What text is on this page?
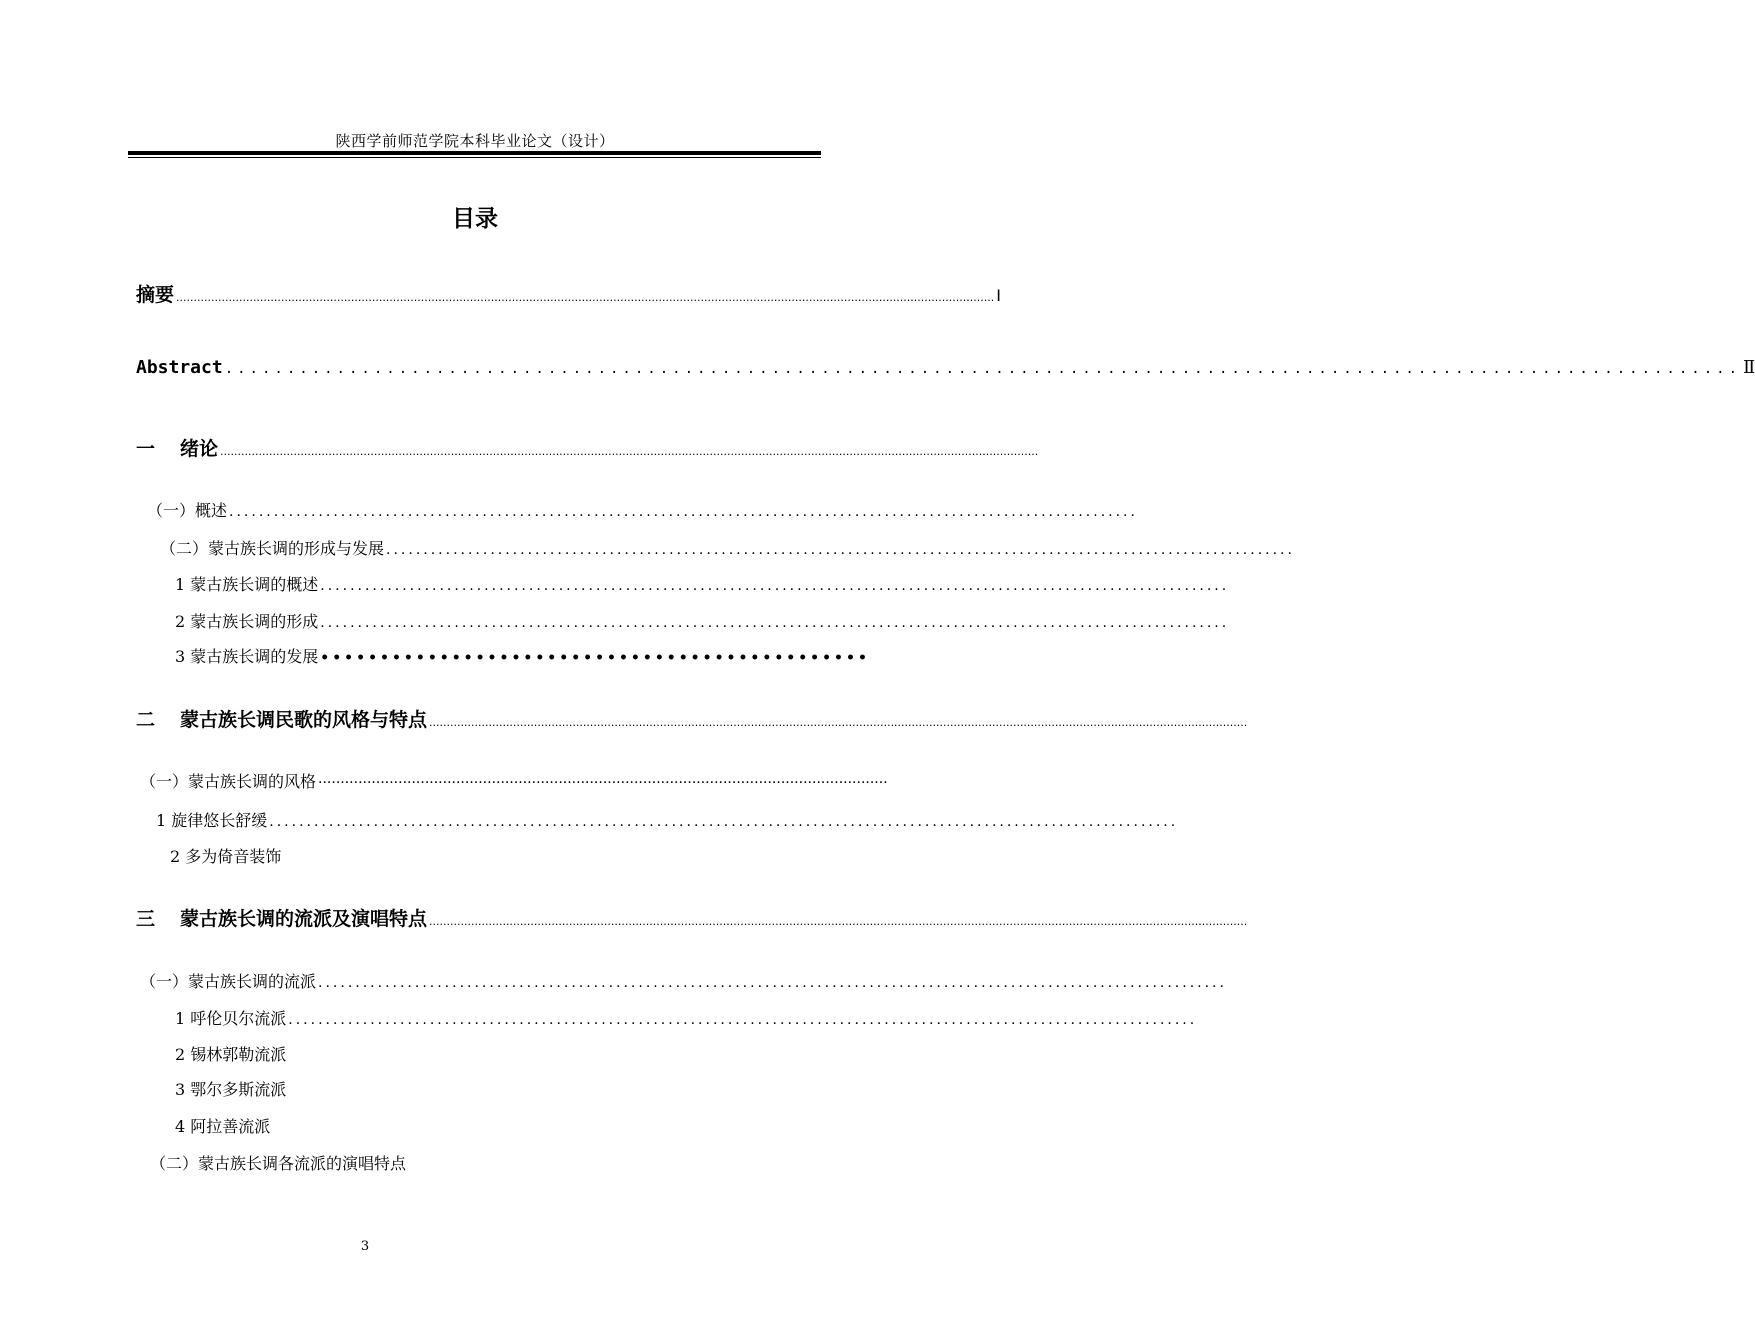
陕西学前师范学院本科毕业论文（设计）
目录
摘要 .......................................................................................................................................................................................................................................... Ⅰ
Abstract .......................................................................................................................... Ⅱ
一 绪论 ..........................................................................................................................................................................................................................................
（一）概述 ..........................................................................................................................
（二）蒙古族长调的形成与发展 ..........................................................................................................................
1 蒙古族长调的概述 ..........................................................................................................................
2 蒙古族长调的形成 ..........................................................................................................................
3 蒙古族长调的发展 ••••••••••••••••••••••••••••••••••••••••••••••
二 蒙古族长调民歌的风格与特点 ..........................................................................................................................................................................................................................................
（一）蒙古族长调的风格 ································································································································
1 旋律悠长舒缓 ..........................................................................................................................
2 多为倚音装饰
三 蒙古族长调的流派及演唱特点 ..........................................................................................................................................................................................................................................
（一）蒙古族长调的流派 ..........................................................................................................................
1 呼伦贝尔流派 ..........................................................................................................................
2 锡林郭勒流派
3 鄂尔多斯流派
4 阿拉善流派
（二）蒙古族长调各流派的演唱特点
3
